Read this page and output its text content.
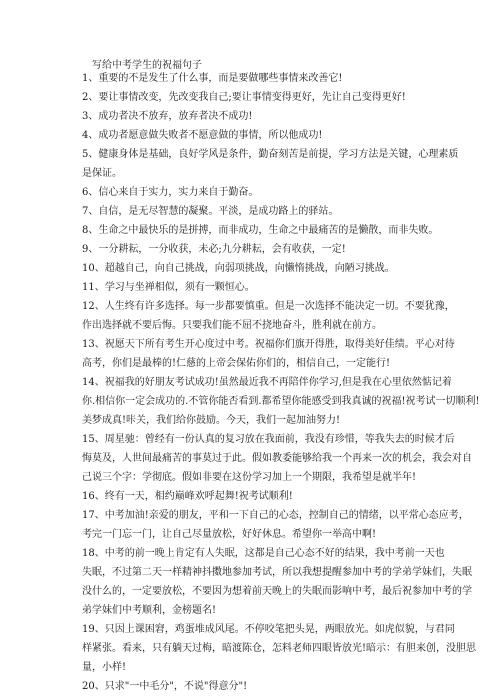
写给中考学生的祝福句子
1、重要的不是发生了什么事，而是要做哪些事情来改善它!
2、要让事情改变，先改变我自己;要让事情变得更好，先让自己变得更好!
3、成功者决不放弃，放弃者决不成功!
4、成功者愿意做失败者不愿意做的事情，所以他成功!
5、健康身体是基础，良好学风是条件，勤奋刻苦是前提，学习方法是关键，心理素质
是保证。
6、信心来自于实力，实力来自于勤奋。
7、自信，是无尽智慧的凝聚。平淡，是成功路上的驿站。
8、生命之中最快乐的是拼搏，而非成功，生命之中最痛苦的是懒散，而非失败。
9、一分耕耘，一分收获，未必;九分耕耘，会有收获，一定!
10、超越自己，向自己挑战，向弱项挑战，向懒惰挑战，向陋习挑战。
11、学习与坐禅相似，须有一颗恒心。
12、人生终有许多选择。每一步都要慎重。但是一次选择不能决定一切。不要犹豫，
作出选择就不要后悔。只要我们能不屈不挠地奋斗，胜利就在前方。
13、祝愿天下所有考生开心度过中考。祝福你们旗开得胜，取得美好佳绩。平心对待
高考，你们是最棒的!仁慈的上帝会保佑你们的，相信自己，一定能行!
14、祝福我的好朋友考试成功!虽然最近我不再陪伴你学习,但是我在心里依然惦记着
你.相信你一定会成功的.不管你能否看到.都希望你能感受到我真诚的祝福!祝考试一切顺利!
美梦成真!咔关，我们给你鼓励。今天，我们一起加油努力!
15、周星驰：曾经有一份认真的复习放在我面前，我没有珍惜，等我失去的时候才后
悔莫及，人世间最痛苦的事莫过于此。假如教委能够给我一个再来一次的机会，我会对自
己说三个字：学彻底。假如非要在这份学习加上一个期限，我希望是就半年!
16、终有一天，相约巅峰欢呼起舞!祝考试顺利!
17、中考加油!亲爱的朋友，平和一下自己的心态，控制自己的情绪，以平常心态应考，
考完一门忘一门，让自己尽量放松，好好休息。希望你一举高中啊!
18、中考的前一晚上肯定有人失眠，这都是自己心态不好的结果，我中考前一天也
失眠，不过第二天一样精神抖擞地参加考试，所以我想提醒参加中考的学弟学妹们，失眠
没什么的，一定要放松，不要因为想着前天晚上的失眠而影响中考，最后祝参加中考的学
弟学妹们中考顺利，金榜题名!
19、只因上课困窘，鸡蛋堆成风尾。不停咬笔把头晃，两眼放光。如虎似貌，与君同
样紧张。看来，只有躺天过梅，暗渡陈仓，怎料老师四眼皆放光!暗示：有胆来创，没胆思
量，小样!
20、只求"一中毛分"，不说"得意分"!
